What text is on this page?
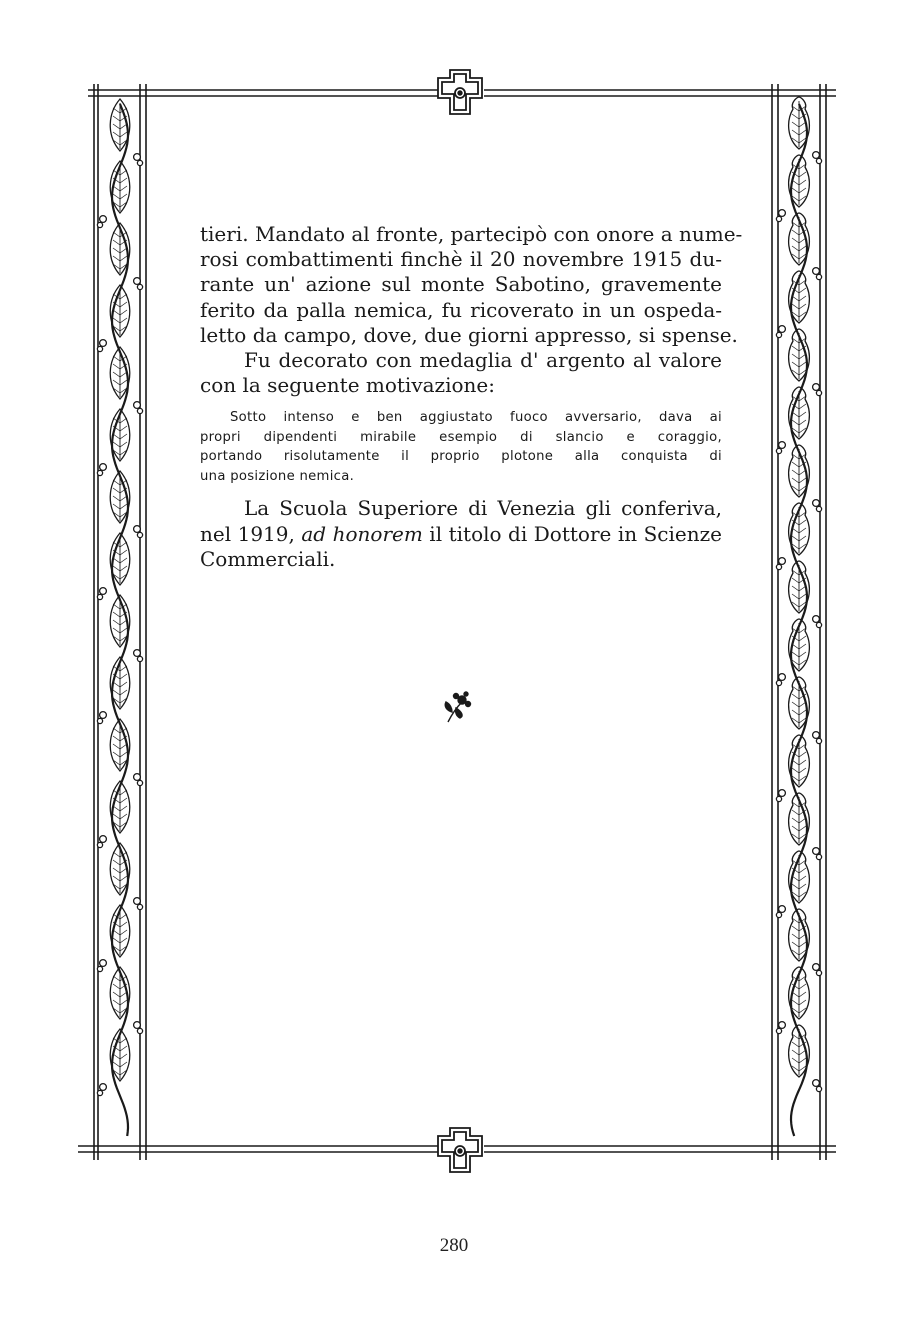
tieri. Mandato al fronte, partecipò con onore a nume-
rosi combattimenti finchè il 20 novembre 1915 du-
rante un' azione sul monte Sabotino, gravemente
ferito da palla nemica, fu ricoverato in un ospeda-
letto da campo, dove, due giorni appresso, si spense.

Fu decorato con medaglia d' argento al valore
con la seguente motivazione:

Sotto intenso e ben aggiustato fuoco avversario, dava ai
propri dipendenti mirabile esempio di slancio e coraggio,
portando risolutamente il proprio plotone alla conquista di
una posizione nemica.

La Scuola Superiore di Venezia gli conferiva,
nel 1919, ad honorem il titolo di Dottore in Scienze
Commerciali.

280
